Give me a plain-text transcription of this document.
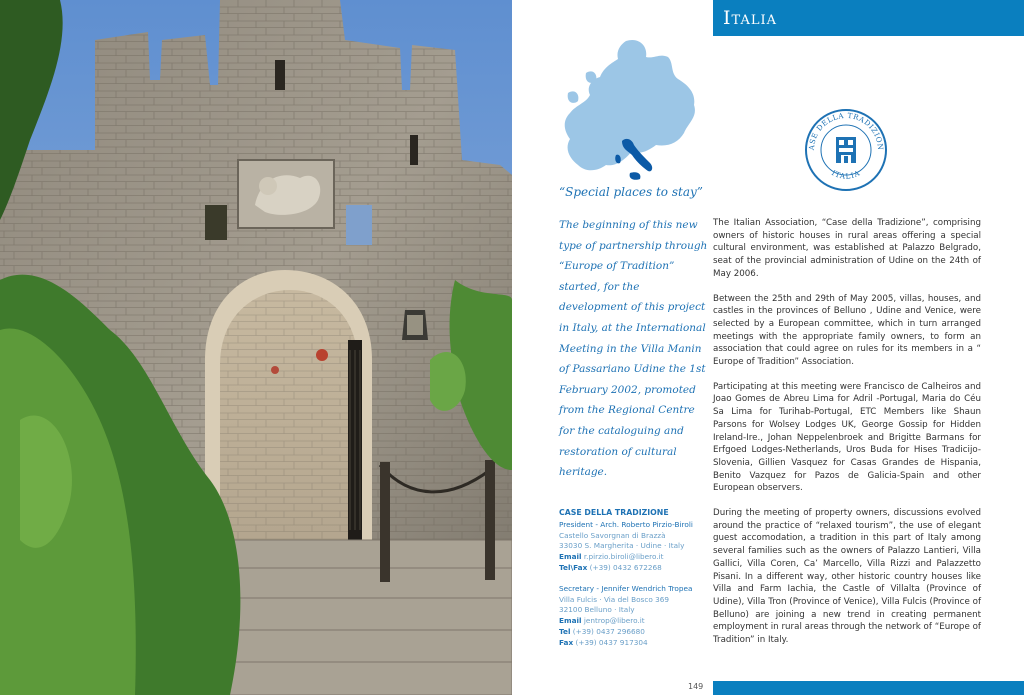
Italia
ASE DELLA TRADIZION
ITALIA
“Special places to stay”
The beginning of this new type of partnership through “Europe of Tradition” started, for the development of this project in Italy, at the International Meeting in the Villa Manin of Passariano Udine the 1st February 2002, promoted from the Regional Centre for the cataloguing and restoration of cultural heritage.
CASE DELLA TRADIZIONE
President - Arch. Roberto Pirzio-Biroli
Castello Savorgnan di Brazzà
33030 S. Margherita · Udine · Italy
Email r.pirzio.biroli@libero.it
Tel\Fax (+39) 0432 672268
Secretary - Jennifer Wendrich Tropea
Villa Fulcis · Via del Bosco 369
32100 Belluno · Italy
Email jentrop@libero.it
Tel (+39) 0437 296680
Fax (+39) 0437 917304

The Italian Association, “Case della Tradizione”, comprising owners of historic houses in rural areas offering a special cultural environment, was established at Palazzo Belgrado, seat of the provincial administration of Udine on the 24th of May 2006.

Between the 25th and 29th of May 2005, villas, houses, and castles in the provinces of Belluno , Udine and Venice, were selected by a European committee, which in turn arranged meetings with the appropriate family owners, to form an association that could agree on rules for its members in a “ Europe of Tradition” Association.

Participating at this meeting were Francisco de Calheiros and Joao Gomes de Abreu Lima for Adril -Portugal, Maria do Céu Sa Lima for Turihab-Portugal, ETC Members like Shaun Parsons for Wolsey Lodges UK, George Gossip for Hidden Ireland-Ire., Johan Neppelenbroek and Brigitte Barmans for Erfgoed Lodges-Netherlands, Uros Buda for Hises Tradicijo-Slovenia, Gillien Vasquez for Casas Grandes de Hispania, Benito Vazquez for Pazos de Galicia-Spain and other European observers.

During the meeting of property owners, discussions evolved around the practice of “relaxed tourism”, the use of elegant guest accomodation, a tradition in this part of Italy among several families such as the owners of Palazzo Lantieri, Villa Gallici, Villa Coren, Ca’ Marcello, Villa Rizzi and Palazzetto Pisani. In a different way, other historic country houses like Villa and Farm Iachia, the Castle of Villalta (Province of Udine), Villa Tron (Province of Venice), Villa Fulcis (Province of Belluno) are joining a new trend in creating permanent employment in rural areas through the network of “Europe of Tradition” in Italy.

149
